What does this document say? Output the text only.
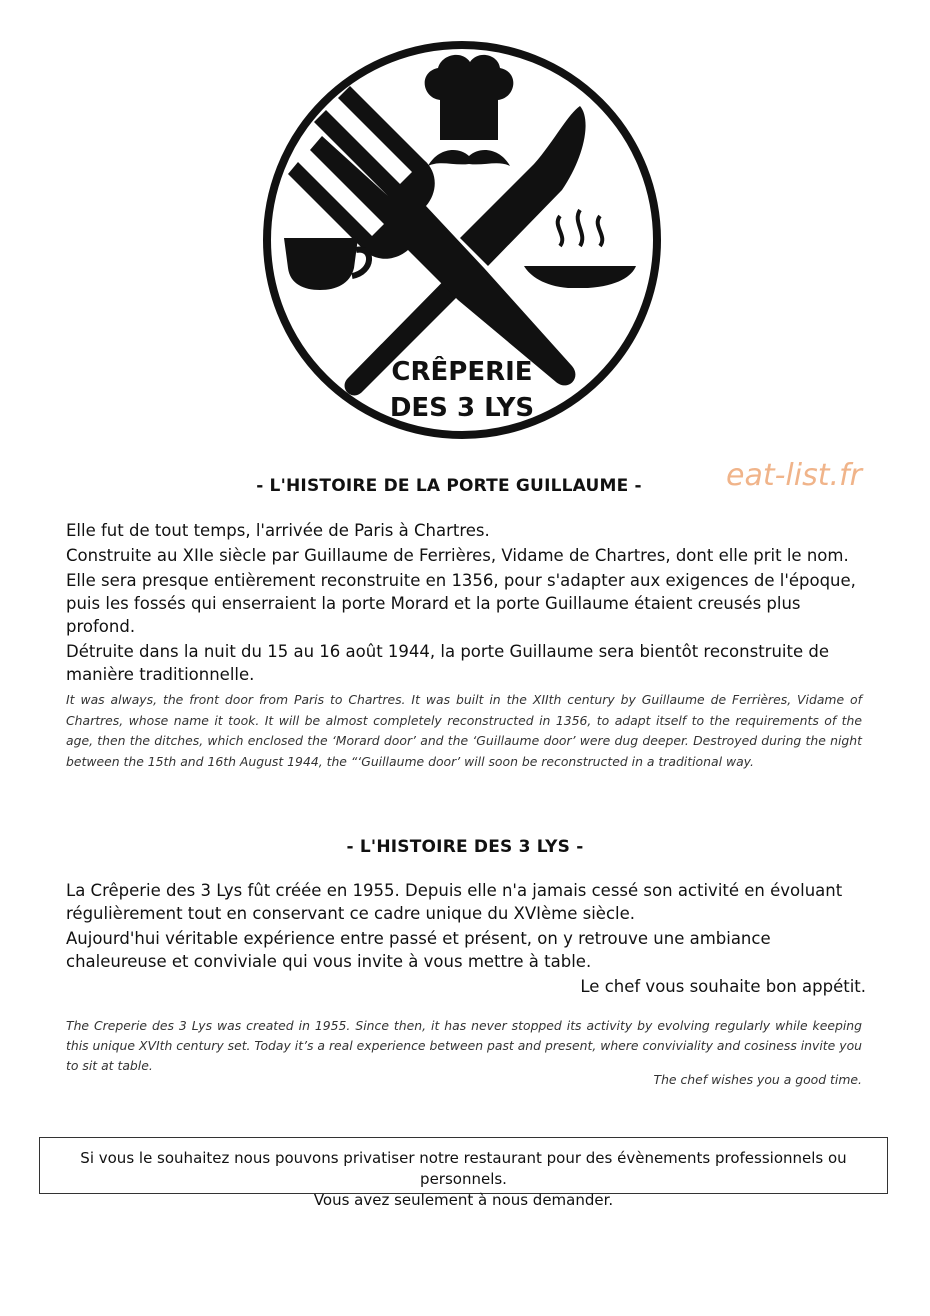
CRÊPERIE
DES 3 LYS
eat-list.fr
- L'HISTOIRE DE LA PORTE GUILLAUME -

Elle fut de tout temps, l'arrivée de Paris à Chartres.

Construite au XIIe siècle par Guillaume de Ferrières, Vidame de Chartres, dont elle prit le nom.

Elle sera presque entièrement reconstruite en 1356, pour s'adapter aux exigences de l'époque, puis les fossés qui enserraient la porte Morard et la porte Guillaume étaient creusés plus profond.

Détruite dans la nuit du 15 au 16 août 1944, la porte Guillaume sera bientôt reconstruite de manière traditionnelle.

It was always, the front door from Paris to Chartres. It was built in the XIIth century by Guillaume de Ferrières, Vidame of Chartres, whose name it took. It will be almost completely reconstructed in 1356, to adapt itself to the requirements of the age, then the ditches, which enclosed the ‘Morard door’ and the ‘Guillaume door’ were dug deeper. Destroyed during the night between the 15th and 16th August 1944, the “‘Guillaume door’ will soon be reconstructed in a traditional way.

- L'HISTOIRE DES 3 LYS -

La Crêperie des 3 Lys fût créée en 1955. Depuis elle n'a jamais cessé son activité en évoluant régulièrement tout en conservant ce cadre unique du XVIème siècle.

Aujourd'hui véritable expérience entre passé et présent, on y retrouve une ambiance chaleureuse et conviviale qui vous invite à vous mettre à table.

Le chef vous souhaite bon appétit.

The Creperie des 3 Lys was created in 1955. Since then, it has never stopped its activity by evolving regularly while keeping this unique XVIth century set. Today it’s a real experience between past and present, where conviviality and cosiness invite you to sit at table.

The chef wishes you a good time.

Si vous le souhaitez nous pouvons privatiser notre restaurant pour des évènements professionnels ou personnels.

Vous avez seulement à nous demander.
